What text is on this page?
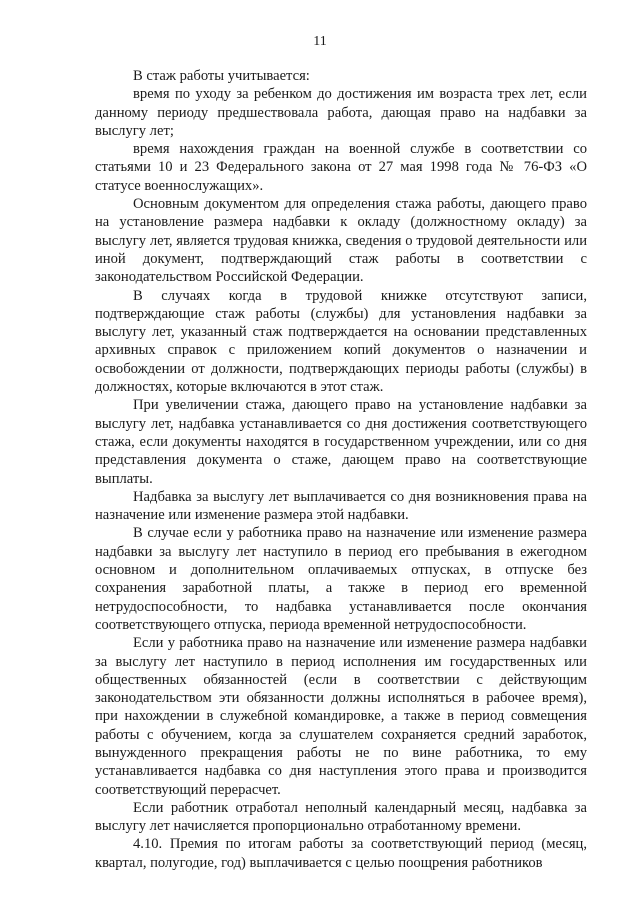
11

В стаж работы учитывается:

время по уходу за ребенком до достижения им возраста трех лет, если данному периоду предшествовала работа, дающая право на надбавки за выслугу лет;

время нахождения граждан на военной службе в соответствии со статьями 10 и 23 Федерального закона от 27 мая 1998 года № 76-ФЗ «О статусе военнослужащих».

Основным документом для определения стажа работы, дающего право на установление размера надбавки к окладу (должностному окладу) за выслугу лет, является трудовая книжка, сведения о трудовой деятельности или иной документ, подтверждающий стаж работы в соответствии с законодательством Российской Федерации.

В случаях когда в трудовой книжке отсутствуют записи, подтверждающие стаж работы (службы) для установления надбавки за выслугу лет, указанный стаж подтверждается на основании представленных архивных справок с приложением копий документов о назначении и освобождении от должности, подтверждающих периоды работы (службы) в должностях, которые включаются в этот стаж.

При увеличении стажа, дающего право на установление надбавки за выслугу лет, надбавка устанавливается со дня достижения соответствующего стажа, если документы находятся в государственном учреждении, или со дня представления документа о стаже, дающем право на соответствующие выплаты.

Надбавка за выслугу лет выплачивается со дня возникновения права на назначение или изменение размера этой надбавки.

В случае если у работника право на назначение или изменение размера надбавки за выслугу лет наступило в период его пребывания в ежегодном основном и дополнительном оплачиваемых отпусках, в отпуске без сохранения заработной платы, а также в период его временной нетрудоспособности, то надбавка устанавливается после окончания соответствующего отпуска, периода временной нетрудоспособности.

Если у работника право на назначение или изменение размера надбавки за выслугу лет наступило в период исполнения им государственных или общественных обязанностей (если в соответствии с действующим законодательством эти обязанности должны исполняться в рабочее время), при нахождении в служебной командировке, а также в период совмещения работы с обучением, когда за слушателем сохраняется средний заработок, вынужденного прекращения работы не по вине работника, то ему устанавливается надбавка со дня наступления этого права и производится соответствующий перерасчет.

Если работник отработал неполный календарный месяц, надбавка за выслугу лет начисляется пропорционально отработанному времени.

4.10. Премия по итогам работы за соответствующий период (месяц, квартал, полугодие, год) выплачивается с целью поощрения работников
